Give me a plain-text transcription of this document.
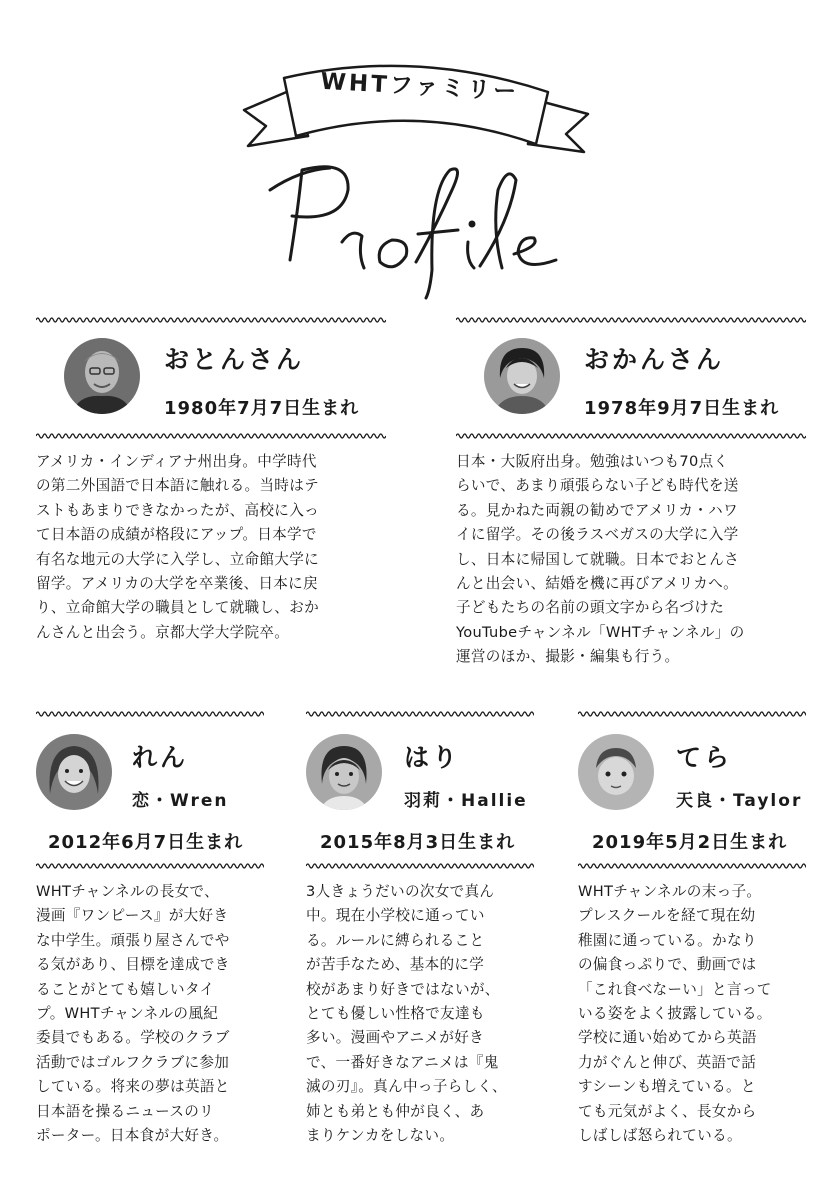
WHTファミリー
おとんさん
1980年7月7日生まれ
アメリカ・インディアナ州出身。中学時代
の第二外国語で日本語に触れる。当時はテ
ストもあまりできなかったが、高校に入っ
て日本語の成績が格段にアップ。日本学で
有名な地元の大学に入学し、立命館大学に
留学。アメリカの大学を卒業後、日本に戻
り、立命館大学の職員として就職し、おか
んさんと出会う。京都大学大学院卒。
おかんさん
1978年9月7日生まれ
日本・大阪府出身。勉強はいつも70点く
らいで、あまり頑張らない子ども時代を送
る。見かねた両親の勧めでアメリカ・ハワ
イに留学。その後ラスベガスの大学に入学
し、日本に帰国して就職。日本でおとんさ
んと出会い、結婚を機に再びアメリカへ。
子どもたちの名前の頭文字から名づけた
YouTubeチャンネル「WHTチャンネル」の
運営のほか、撮影・編集も行う。
れん
恋・Wren
2012年6月7日生まれ
WHTチャンネルの長女で、
漫画『ワンピース』が大好き
な中学生。頑張り屋さんでや
る気があり、目標を達成でき
ることがとても嬉しいタイ
プ。WHTチャンネルの風紀
委員でもある。学校のクラブ
活動ではゴルフクラブに参加
している。将来の夢は英語と
日本語を操るニュースのリ
ポーター。日本食が大好き。
はり
羽莉・Hallie
2015年8月3日生まれ
3人きょうだいの次女で真ん
中。現在小学校に通ってい
る。ルールに縛られること
が苦手なため、基本的に学
校があまり好きではないが、
とても優しい性格で友達も
多い。漫画やアニメが好き
で、一番好きなアニメは『鬼
滅の刃』。真ん中っ子らしく、
姉とも弟とも仲が良く、あ
まりケンカをしない。
てら
天良・Taylor
2019年5月2日生まれ
WHTチャンネルの末っ子。
プレスクールを経て現在幼
稚園に通っている。かなり
の偏食っぷりで、動画では
「これ食べなーい」と言って
いる姿をよく披露している。
学校に通い始めてから英語
力がぐんと伸び、英語で話
すシーンも増えている。と
ても元気がよく、長女から
しばしば怒られている。
